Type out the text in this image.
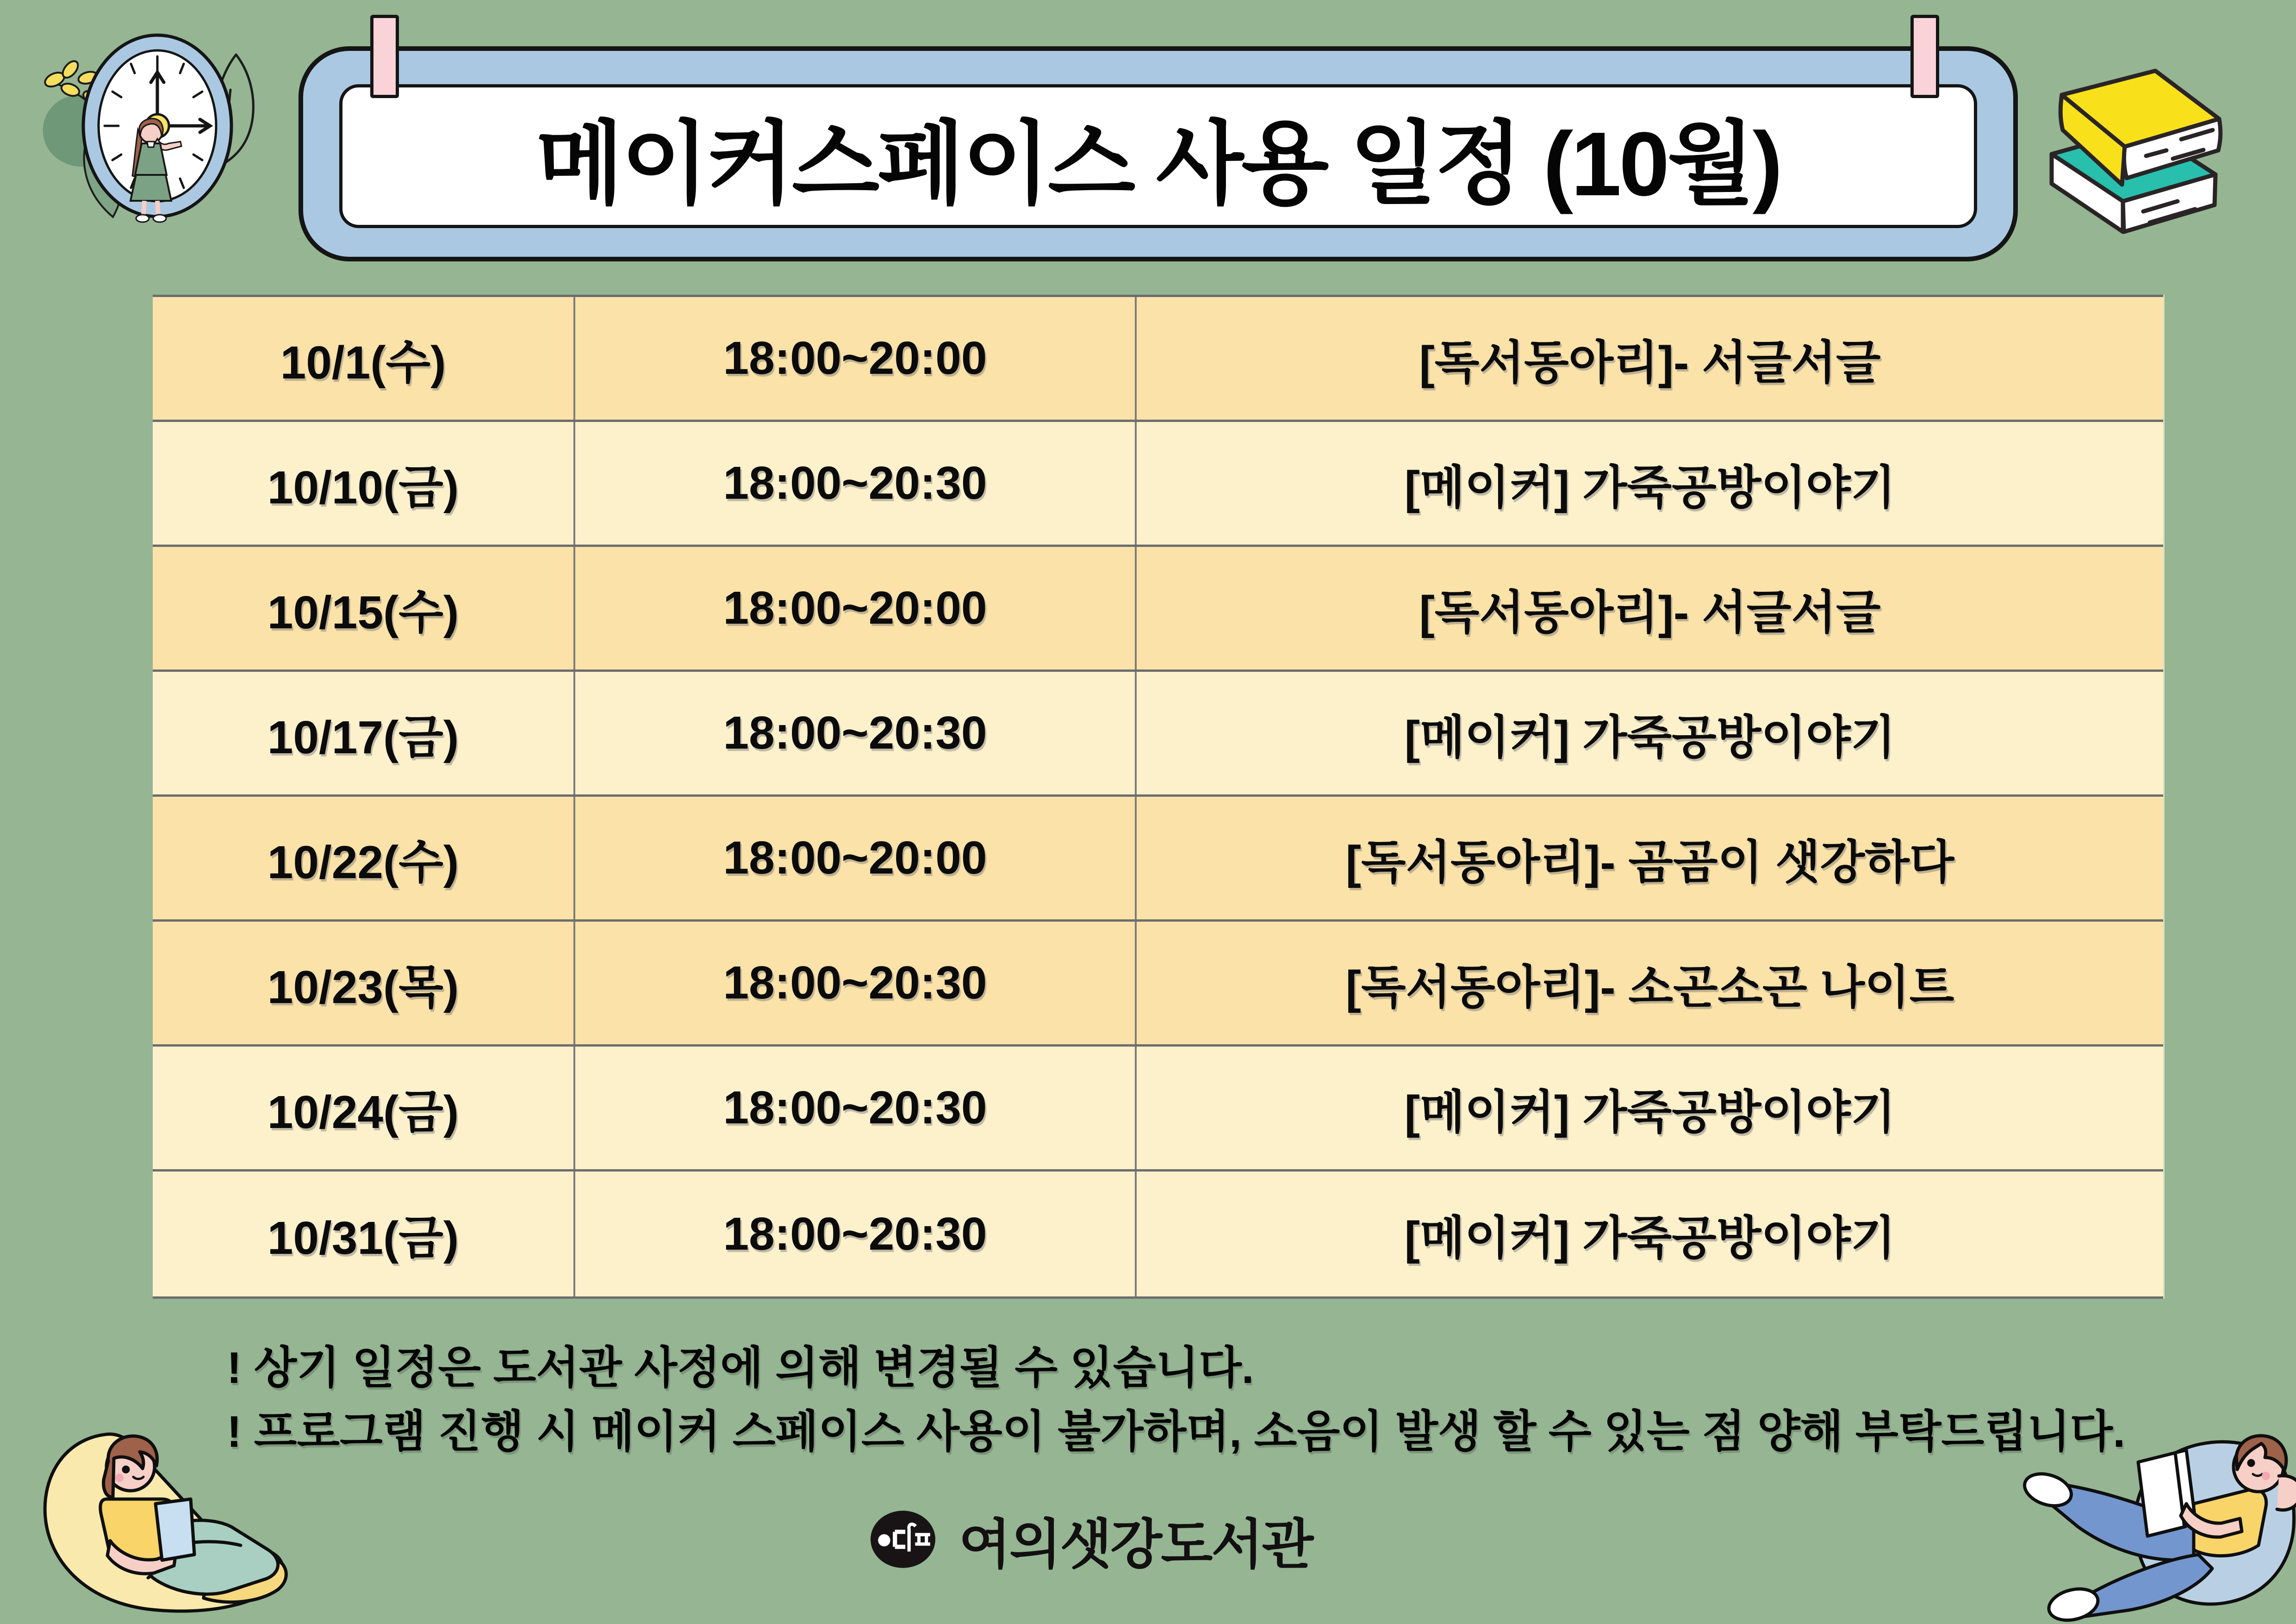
메이커스페이스 사용 일정 (10월)
10/1(수)	18:00~20:00	[독서동아리]- 서글서글
10/10(금)	18:00~20:30	[메이커] 가죽공방이야기
10/15(수)	18:00~20:00	[독서동아리]- 서글서글
10/17(금)	18:00~20:30	[메이커] 가죽공방이야기
10/22(수)	18:00~20:00	[독서동아리]- 곰곰이 샛강하다
10/23(목)	18:00~20:30	[독서동아리]- 소곤소곤 나이트
10/24(금)	18:00~20:30	[메이커] 가죽공방이야기
10/31(금)	18:00~20:30	[메이커] 가죽공방이야기
! 상기 일정은 도서관 사정에 의해 변경될 수 있습니다.
! 프로그램 진행 시 메이커 스페이스 사용이 불가하며, 소음이 발생 할 수 있는 점 양해 부탁드립니다.
여의샛강도서관
